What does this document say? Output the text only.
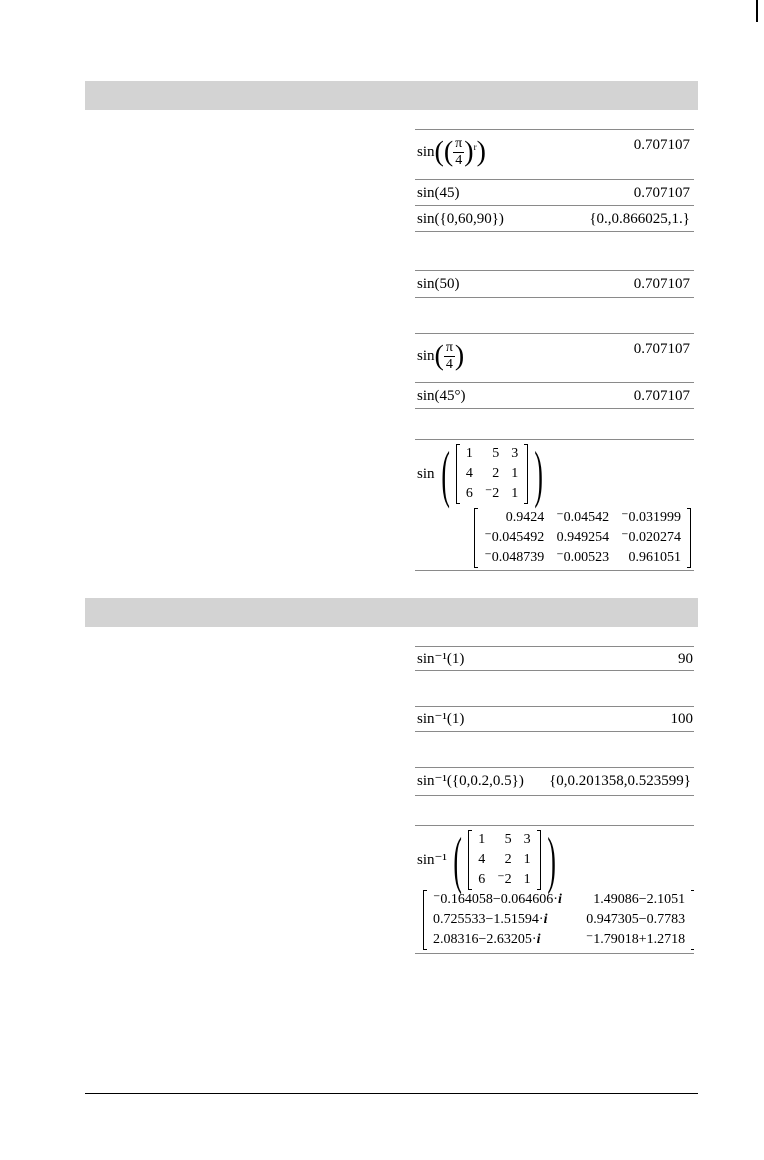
$\sin(( \frac{\pi}{4} )^r)$	0.707107
sin(45)	0.707107
sin({0,60,90})	{0.,0.866025,1.}
sin(50)	0.707107
$\sin( \frac{\pi}{4}$ )	0.707107
sin(45°)	0.707107
sin( 1	5	3
4	2	1
6	⁻2	1 )
0.9424	⁻0.04542	⁻0.031999
⁻0.045492	0.949254	⁻0.020274
⁻0.048739	⁻0.00523	0.961051
sin⁻¹(1)	90
sin⁻¹(1)	100
sin⁻¹({0,0.2,0.5}) {0,0.201358,0.523599}
sin⁻¹( 1	5	3
4	2	1
6	⁻2	1 )
⁻0.164058−0.064606·i	1.49086−2.1051
0.725533−1.51594·i	0.947305−0.7783
2.08316−2.63205·i	⁻1.79018+1.2718
